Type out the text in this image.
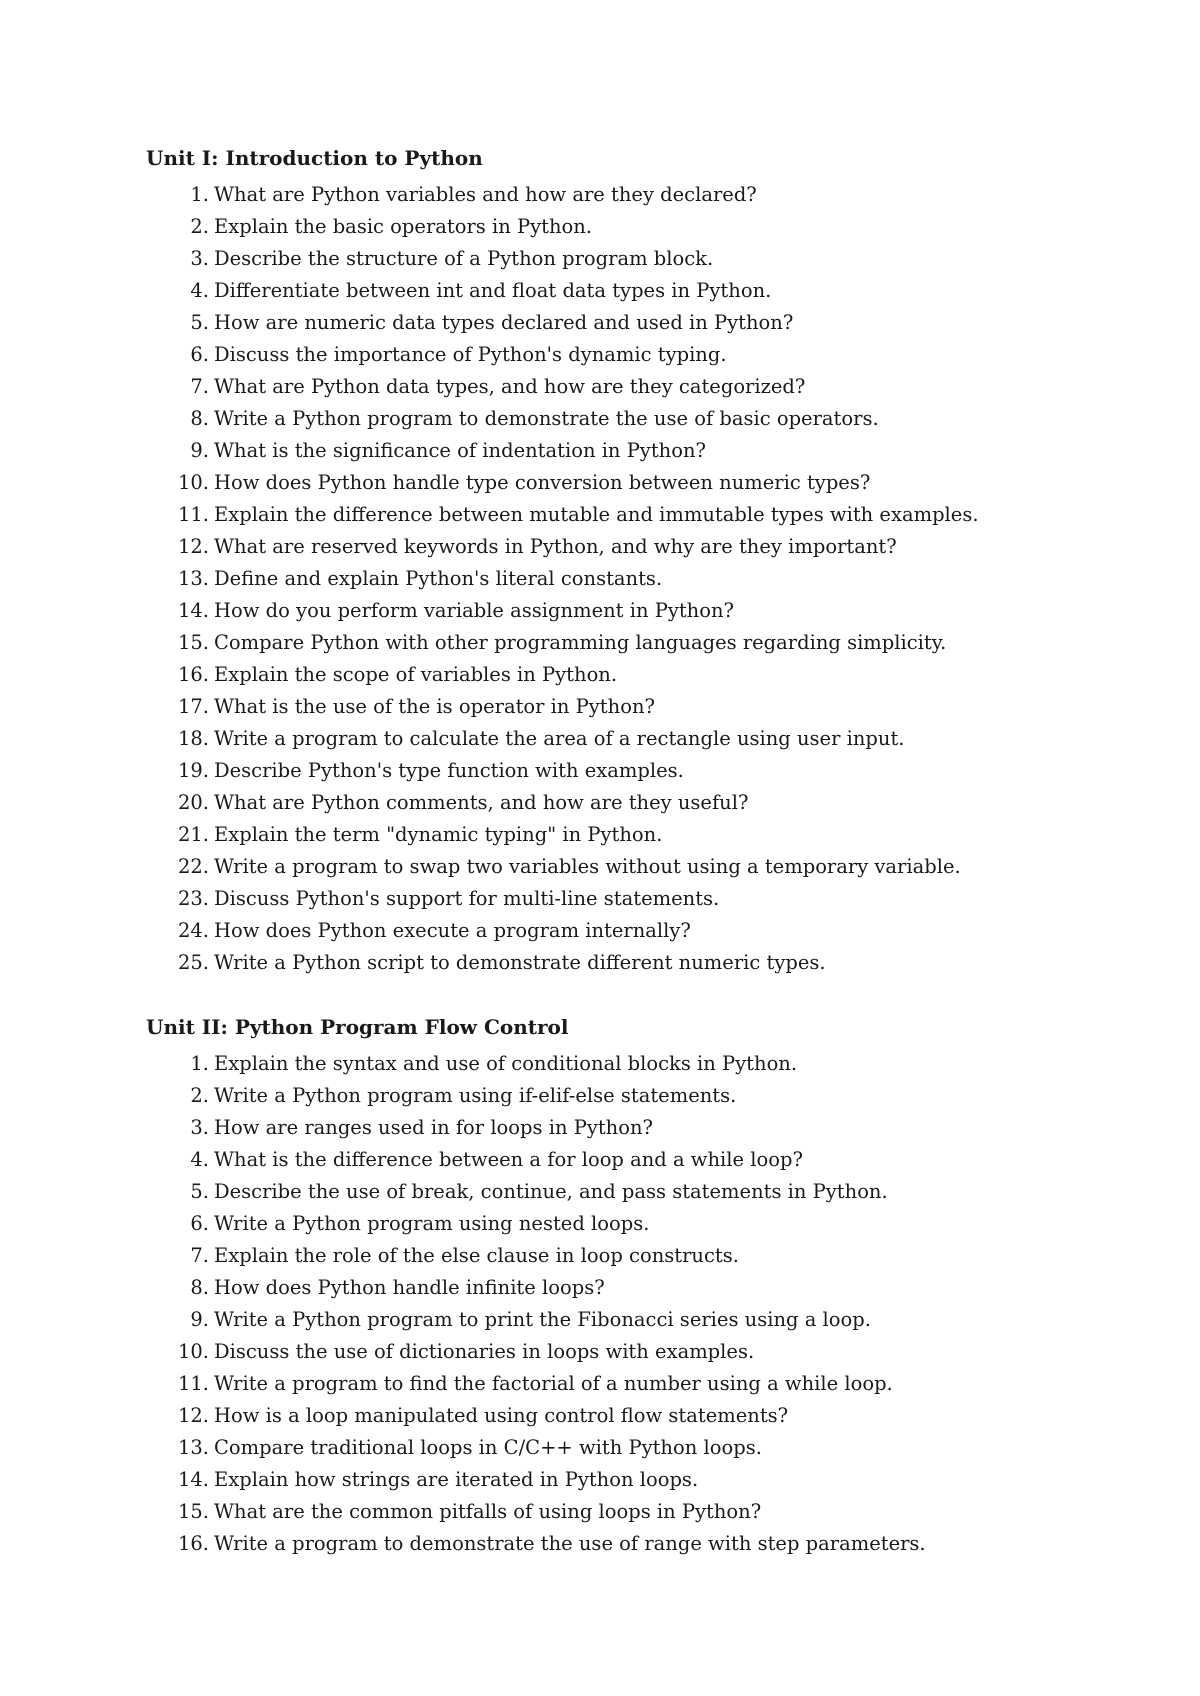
Unit I: Introduction to Python
1. What are Python variables and how are they declared?
2. Explain the basic operators in Python.
3. Describe the structure of a Python program block.
4. Differentiate between int and float data types in Python.
5. How are numeric data types declared and used in Python?
6. Discuss the importance of Python's dynamic typing.
7. What are Python data types, and how are they categorized?
8. Write a Python program to demonstrate the use of basic operators.
9. What is the significance of indentation in Python?
10. How does Python handle type conversion between numeric types?
11. Explain the difference between mutable and immutable types with examples.
12. What are reserved keywords in Python, and why are they important?
13. Define and explain Python's literal constants.
14. How do you perform variable assignment in Python?
15. Compare Python with other programming languages regarding simplicity.
16. Explain the scope of variables in Python.
17. What is the use of the is operator in Python?
18. Write a program to calculate the area of a rectangle using user input.
19. Describe Python's type function with examples.
20. What are Python comments, and how are they useful?
21. Explain the term "dynamic typing" in Python.
22. Write a program to swap two variables without using a temporary variable.
23. Discuss Python's support for multi-line statements.
24. How does Python execute a program internally?
25. Write a Python script to demonstrate different numeric types.
Unit II: Python Program Flow Control
1. Explain the syntax and use of conditional blocks in Python.
2. Write a Python program using if-elif-else statements.
3. How are ranges used in for loops in Python?
4. What is the difference between a for loop and a while loop?
5. Describe the use of break, continue, and pass statements in Python.
6. Write a Python program using nested loops.
7. Explain the role of the else clause in loop constructs.
8. How does Python handle infinite loops?
9. Write a Python program to print the Fibonacci series using a loop.
10. Discuss the use of dictionaries in loops with examples.
11. Write a program to find the factorial of a number using a while loop.
12. How is a loop manipulated using control flow statements?
13. Compare traditional loops in C/C++ with Python loops.
14. Explain how strings are iterated in Python loops.
15. What are the common pitfalls of using loops in Python?
16. Write a program to demonstrate the use of range with step parameters.
